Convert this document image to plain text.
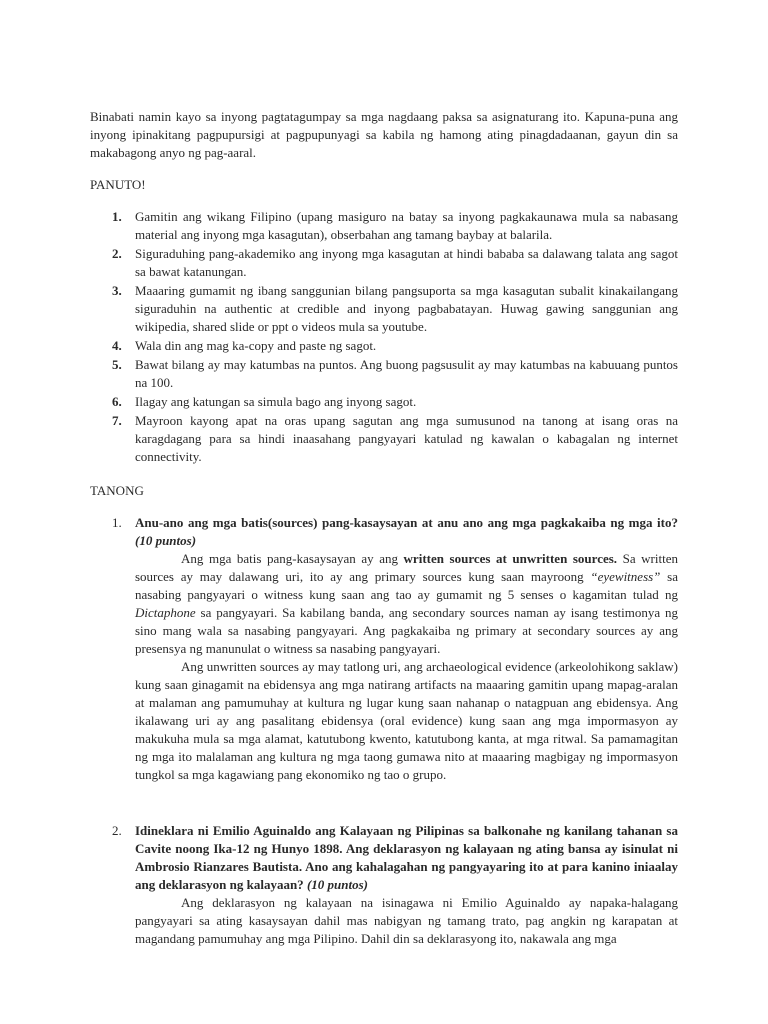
Binabati namin kayo sa inyong pagtatagumpay sa mga nagdaang paksa sa asignaturang ito. Kapuna-puna ang inyong ipinakitang pagpupursigi at pagpupunyagi sa kabila ng hamong ating pinagdadaanan, gayun din sa makabagong anyo ng pag-aaral.

PANUTO!

1. Gamitin ang wikang Filipino (upang masiguro na batay sa inyong pagkakaunawa mula sa nabasang material ang inyong mga kasagutan), obserbahan ang tamang baybay at balarila.
2. Siguraduhing pang-akademiko ang inyong mga kasagutan at hindi bababa sa dalawang talata ang sagot sa bawat katanungan.
3. Maaaring gumamit ng ibang sanggunian bilang pangsuporta sa mga kasagutan subalit kinakailangang siguraduhin na authentic at credible and inyong pagbabatayan. Huwag gawing sanggunian ang wikipedia, shared slide or ppt o videos mula sa youtube.
4. Wala din ang mag ka-copy and paste ng sagot.
5. Bawat bilang ay may katumbas na puntos. Ang buong pagsusulit ay may katumbas na kabuuang puntos na 100.
6. Ilagay ang katungan sa simula bago ang inyong sagot.
7. Mayroon kayong apat na oras upang sagutan ang mga sumusunod na tanong at isang oras na karagdagang para sa hindi inaasahang pangyayari katulad ng kawalan o kabagalan ng internet connectivity.

TANONG

1. Anu-ano ang mga batis(sources) pang-kasaysayan at anu ano ang mga pagkakaiba ng mga ito? (10 puntos)

Ang mga batis pang-kasaysayan ay ang written sources at unwritten sources. Sa written sources ay may dalawang uri, ito ay ang primary sources kung saan mayroong “eyewitness” sa nasabing pangyayari o witness kung saan ang tao ay gumamit ng 5 senses o kagamitan tulad ng Dictaphone sa pangyayari. Sa kabilang banda, ang secondary sources naman ay isang testimonya ng sino mang wala sa nasabing pangyayari. Ang pagkakaiba ng primary at secondary sources ay ang presensya ng manunulat o witness sa nasabing pangyayari.

Ang unwritten sources ay may tatlong uri, ang archaeological evidence (arkeolohikong saklaw) kung saan ginagamit na ebidensya ang mga natirang artifacts na maaaring gamitin upang mapag-aralan at malaman ang pamumuhay at kultura ng lugar kung saan nahanap o natagpuan ang ebidensya. Ang ikalawang uri ay ang pasalitang ebidensya (oral evidence) kung saan ang mga impormasyon ay makukuha mula sa mga alamat, katutubong kwento, katutubong kanta, at mga ritwal. Sa pamamagitan ng mga ito malalaman ang kultura ng mga taong gumawa nito at maaaring magbigay ng impormasyon tungkol sa mga kagawiang pang ekonomiko ng tao o grupo.

2. Idineklara ni Emilio Aguinaldo ang Kalayaan ng Pilipinas sa balkonahe ng kanilang tahanan sa Cavite noong Ika-12 ng Hunyo 1898. Ang deklarasyon ng kalayaan ng ating bansa ay isinulat ni Ambrosio Rianzares Bautista. Ano ang kahalagahan ng pangyayaring ito at para kanino iniaalay ang deklarasyon ng kalayaan? (10 puntos)

Ang deklarasyon ng kalayaan na isinagawa ni Emilio Aguinaldo ay napaka-halagang pangyayari sa ating kasaysayan dahil mas nabigyan ng tamang trato, pag angkin ng karapatan at magandang pamumuhay ang mga Pilipino. Dahil din sa deklarasyong ito, nakawala ang mga
